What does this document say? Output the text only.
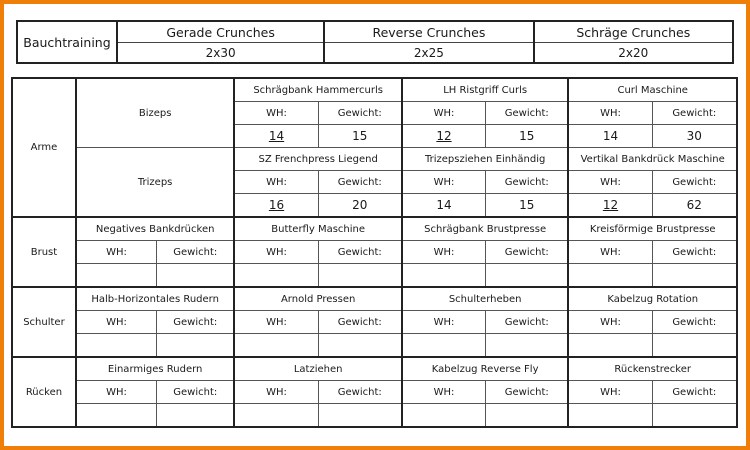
Bauchtraining	Gerade Crunches	Reverse Crunches	Schräge Crunches
	2x30	2x25	2x20
Arme	Bizeps		Schrägbank Hammercurls		LH Ristgriff Curls		Curl Maschine	
			WH:	Gewicht:	WH:	Gewicht:	WH:	Gewicht:
			14	15	12	15	14	30
	Trizeps		SZ Frenchpress Liegend		Trizepsziehen Einhändig		Vertikal Bankdrück Maschine	
			WH:	Gewicht:	WH:	Gewicht:	WH:	Gewicht:
			16	20	14	15	12	62
Brust	Negatives Bankdrücken		Butterfly Maschine		Schrägbank Brustpresse		Kreisförmige Brustpresse	
	WH:	Gewicht:	WH:	Gewicht:	WH:	Gewicht:	WH:	Gewicht:

Schulter	Halb-Horizontales Rudern		Arnold Pressen		Schulterheben		Kabelzug Rotation	
	WH:	Gewicht:	WH:	Gewicht:	WH:	Gewicht:	WH:	Gewicht:

Rücken	Einarmiges Rudern		Latziehen		Kabelzug Reverse Fly		Rückenstrecker	
	WH:	Gewicht:	WH:	Gewicht:	WH:	Gewicht:	WH:	Gewicht:
